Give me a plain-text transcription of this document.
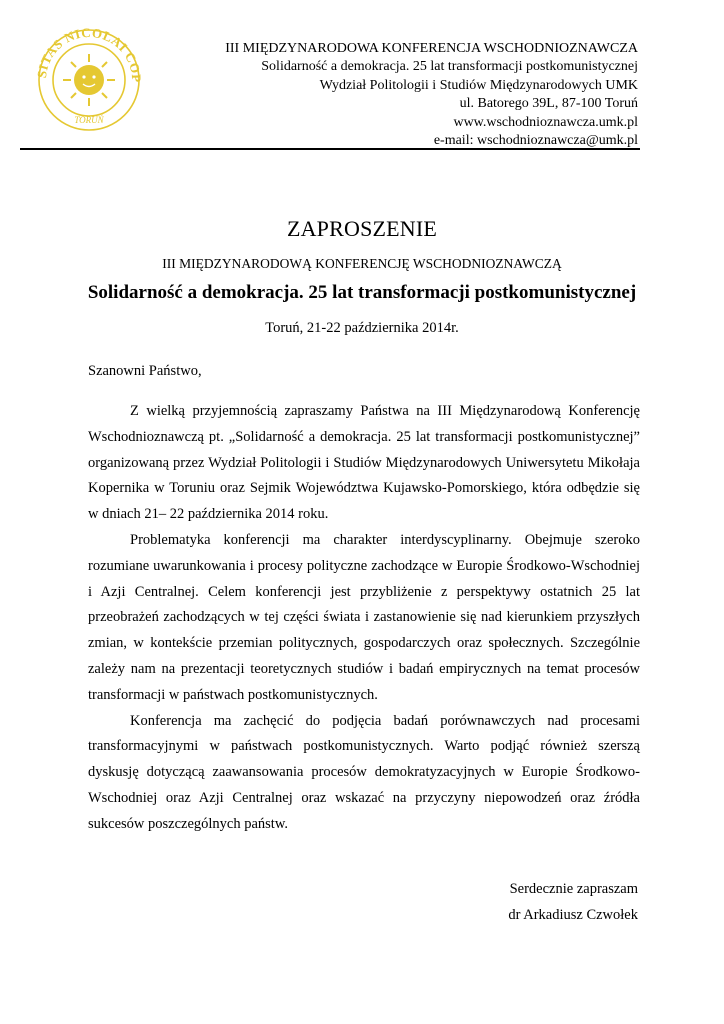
SITAS NICOLAI COP
TORUŃ
III MIĘDZYNARODOWA KONFERENCJA WSCHODNIOZNAWCZA
Solidarność a demokracja. 25 lat transformacji postkomunistycznej
Wydział Politologii i Studiów Międzynarodowych UMK
ul. Batorego 39L, 87-100 Toruń
www.wschodnioznawcza.umk.pl
e-mail: wschodnioznawcza@umk.pl
ZAPROSZENIE
III MIĘDZYNARODOWĄ KONFERENCJĘ WSCHODNIOZNAWCZĄ
Solidarność a demokracja. 25 lat transformacji postkomunistycznej
Toruń, 21-22 października 2014r.
Szanowni Państwo,

Z wielką przyjemnością zapraszamy Państwa na III Międzynarodową Konferencję Wschodnioznawczą pt. „Solidarność a demokracja. 25 lat transformacji postkomunistycznej” organizowaną przez Wydział Politologii i Studiów Międzynarodowych Uniwersytetu Mikołaja Kopernika w Toruniu oraz Sejmik Województwa Kujawsko-Pomorskiego, która odbędzie się w dniach 21– 22 października 2014 roku.

Problematyka konferencji ma charakter interdyscyplinarny. Obejmuje szeroko rozumiane uwarunkowania i procesy polityczne zachodzące w Europie Środkowo-Wschodniej i Azji Centralnej. Celem konferencji jest przybliżenie z perspektywy ostatnich 25 lat przeobrażeń zachodzących w tej części świata i zastanowienie się nad kierunkiem przyszłych zmian, w kontekście przemian politycznych, gospodarczych oraz społecznych. Szczególnie zależy nam na prezentacji teoretycznych studiów i badań empirycznych na temat procesów transformacji w państwach postkomunistycznych.

Konferencja ma zachęcić do podjęcia badań porównawczych nad procesami transformacyjnymi w państwach postkomunistycznych. Warto podjąć również szerszą dyskusję dotyczącą zaawansowania procesów demokratyzacyjnych w Europie Środkowo-Wschodniej oraz Azji Centralnej oraz wskazać na przyczyny niepowodzeń oraz źródła sukcesów poszczególnych państw.

Serdecznie zapraszam
dr Arkadiusz Czwołek
